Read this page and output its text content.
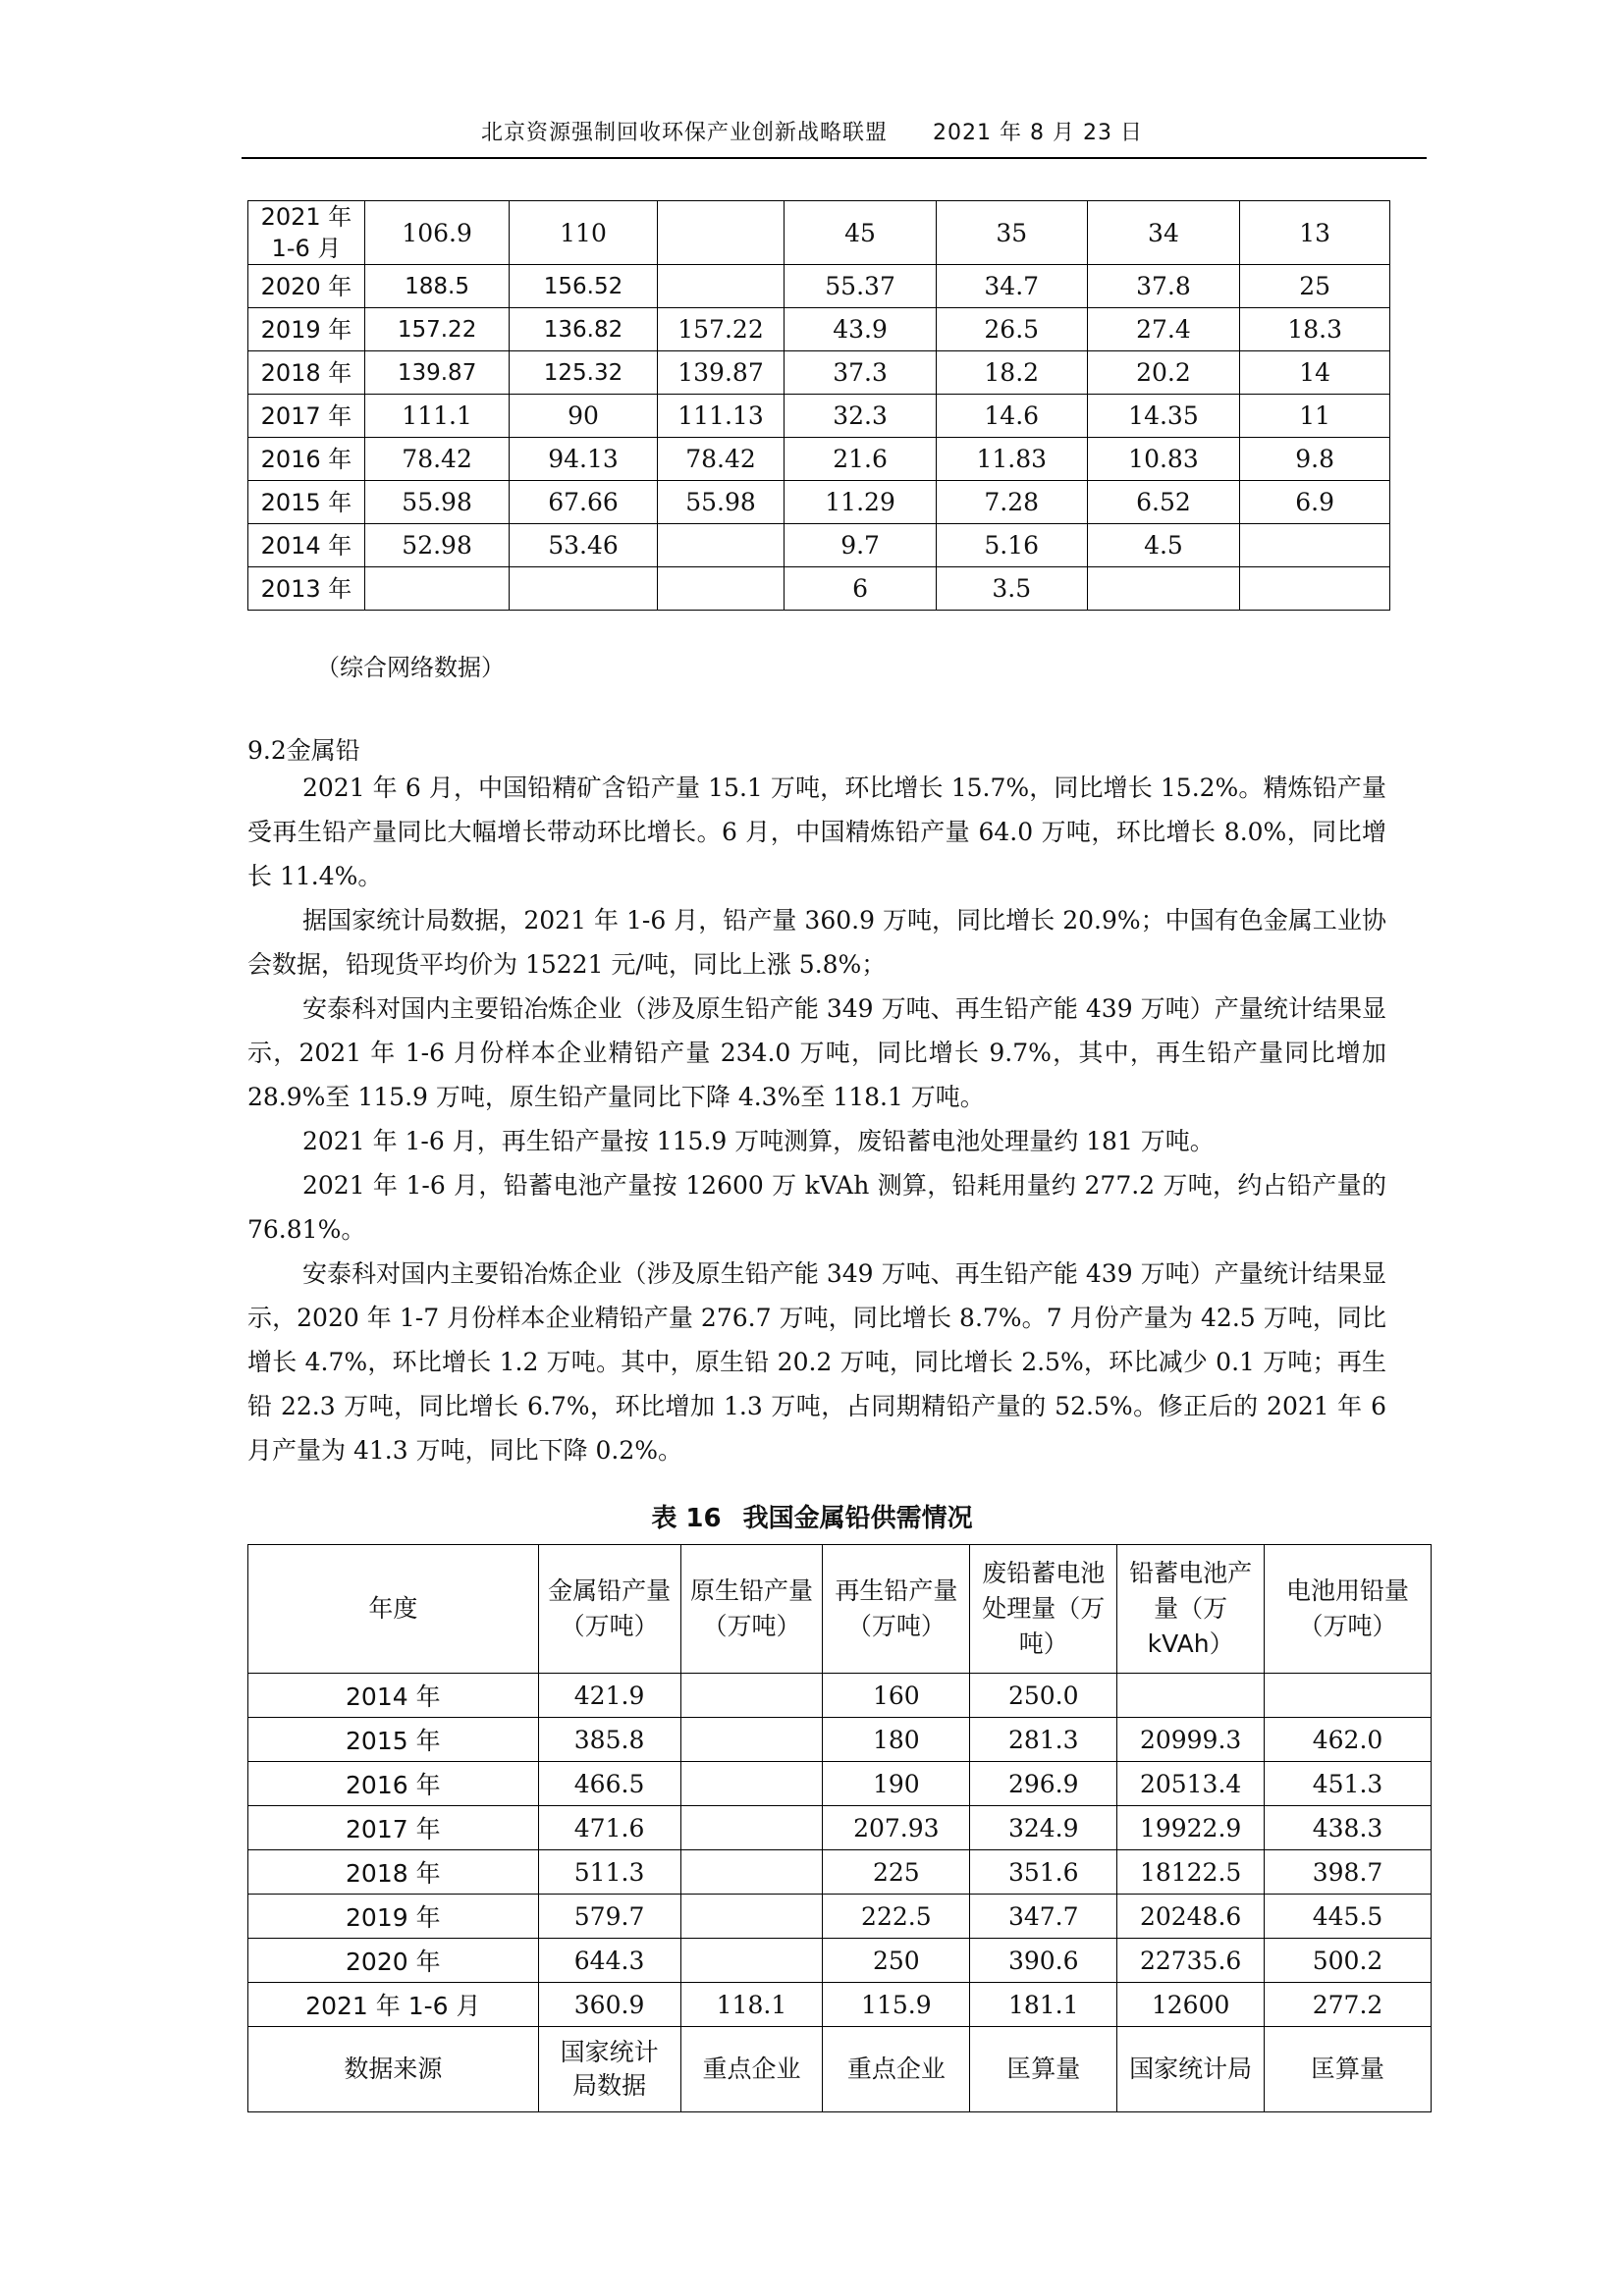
北京资源强制回收环保产业创新战略联盟 2021 年 8 月 23 日
2021 年
1-6 月	106.9	110		45	35	34	13
2020 年	188.5	156.52		55.37	34.7	37.8	25
2019 年	157.22	136.82	157.22	43.9	26.5	27.4	18.3
2018 年	139.87	125.32	139.87	37.3	18.2	20.2	14
2017 年	111.1	90	111.13	32.3	14.6	14.35	11
2016 年	78.42	94.13	78.42	21.6	11.83	10.83	9.8
2015 年	55.98	67.66	55.98	11.29	7.28	6.52	6.9
2014 年	52.98	53.46		9.7	5.16	4.5	
2013 年				6	3.5		
（综合网络数据）
9.2金属铅

2021 年 6 月，中国铅精矿含铅产量 15.1 万吨，环比增长 15.7%，同比增长 15.2%。精炼铅产量受再生铅产量同比大幅增长带动环比增长。6 月，中国精炼铅产量 64.0 万吨，环比增长 8.0%，同比增长 11.4%。

据国家统计局数据，2021 年 1-6 月，铅产量 360.9 万吨，同比增长 20.9%；中国有色金属工业协会数据，铅现货平均价为 15221 元/吨，同比上涨 5.8%；

安泰科对国内主要铅冶炼企业（涉及原生铅产能 349 万吨、再生铅产能 439 万吨）产量统计结果显示，2021 年 1-6 月份样本企业精铅产量 234.0 万吨，同比增长 9.7%，其中，再生铅产量同比增加 28.9%至 115.9 万吨，原生铅产量同比下降 4.3%至 118.1 万吨。

2021 年 1-6 月，再生铅产量按 115.9 万吨测算，废铅蓄电池处理量约 181 万吨。

2021 年 1-6 月，铅蓄电池产量按 12600 万 kVAh 测算，铅耗用量约 277.2 万吨，约占铅产量的 76.81%。

安泰科对国内主要铅冶炼企业（涉及原生铅产能 349 万吨、再生铅产能 439 万吨）产量统计结果显示，2020 年 1-7 月份样本企业精铅产量 276.7 万吨，同比增长 8.7%。7 月份产量为 42.5 万吨，同比增长 4.7%，环比增长 1.2 万吨。其中，原生铅 20.2 万吨，同比增长 2.5%，环比减少 0.1 万吨；再生铅 22.3 万吨，同比增长 6.7%，环比增加 1.3 万吨，占同期精铅产量的 52.5%。修正后的 2021 年 6 月产量为 41.3 万吨，同比下降 0.2%。

表 16 我国金属铅供需情况
年度	金属铅产量（万吨）	原生铅产量（万吨）	再生铅产量（万吨）	废铅蓄电池处理量（万吨）	铅蓄电池产量（万kVAh）	电池用铅量（万吨）
2014 年	421.9		160	250.0		
2015 年	385.8		180	281.3	20999.3	462.0
2016 年	466.5		190	296.9	20513.4	451.3
2017 年	471.6		207.93	324.9	19922.9	438.3
2018 年	511.3		225	351.6	18122.5	398.7
2019 年	579.7		222.5	347.7	20248.6	445.5
2020 年	644.3		250	390.6	22735.6	500.2
2021 年 1-6 月	360.9	118.1	115.9	181.1	12600	277.2
数据来源	国家统计局数据	重点企业	重点企业	匡算量	国家统计局	匡算量
